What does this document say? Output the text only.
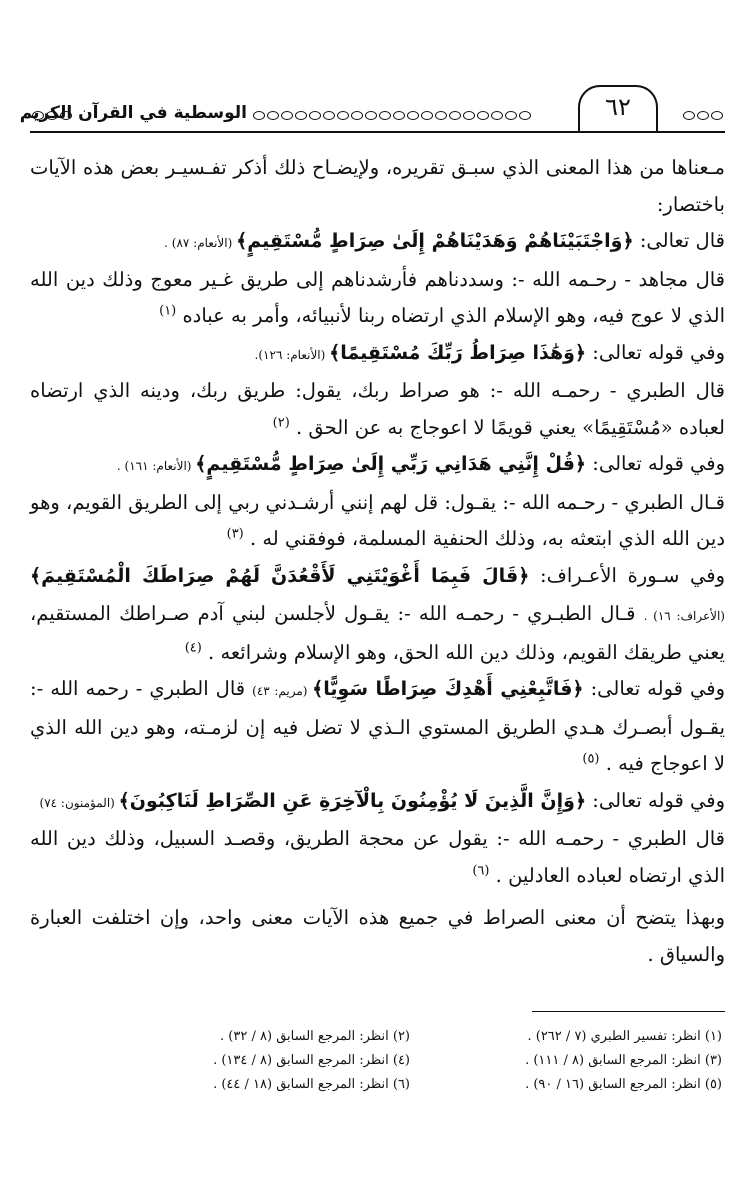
الوسطية في القرآن الكريم	٦٢

مـعناها من هذا المعنى الذي سبـق تقريره، ولإيضـاح ذلك أذكر تفـسيـر بعض هذه الآيات باختصار:

قال تعالى: ﴿وَاجْتَبَيْنَاهُمْ وَهَدَيْنَاهُمْ إِلَىٰ صِرَاطٍ مُّسْتَقِيمٍ﴾ (الأنعام: ٨٧) .

قال مجاهد - رحـمه الله -: وسددناهم فأرشدناهم إلى طريق غـير معوج وذلك دين الله الذي لا عوج فيه، وهو الإسلام الذي ارتضاه ربنا لأنبيائه، وأمر به عباده $^{(١)}$

وفي قوله تعالى: ﴿وَهَٰذَا صِرَاطُ رَبِّكَ مُسْتَقِيمًا﴾ (الأنعام: ١٢٦).

قال الطبري - رحمـه الله -: هو صراط ربك، يقول: طريق ربك، ودينه الذي ارتضاه لعباده «مُسْتَقِيمًا» يعني قويمًا لا اعوجاج به عن الحق . $^{(٢)}$

وفي قوله تعالى: ﴿قُلْ إِنَّنِي هَدَانِي رَبِّي إِلَىٰ صِرَاطٍ مُّسْتَقِيمٍ﴾ (الأنعام: ١٦١) .

قـال الطبري - رحـمه الله -: يقـول: قل لهم إنني أرشـدني ربي إلى الطريق القويم، وهو دين الله الذي ابتعثه به، وذلك الحنفية المسلمة، فوفقني له . $^{(٣)}$

وفي سـورة الأعـراف: ﴿قَالَ فَبِمَا أَغْوَيْتَنِي لَأَقْعُدَنَّ لَهُمْ صِرَاطَكَ الْمُسْتَقِيمَ﴾ (الأعراف: ١٦) . قـال الطبـري - رحمـه الله -: يقـول لأجلسن لبني آدم صـراطك المستقيم، يعني طريقك القويم، وذلك دين الله الحق، وهو الإسلام وشرائعه . $^{(٤)}$

وفي قوله تعالى: ﴿فَاتَّبِعْنِي أَهْدِكَ صِرَاطًا سَوِيًّا﴾ (مريم: ٤٣) قال الطبري - رحمه الله -: يقـول أبصـرك هـدي الطريق المستوي الـذي لا تضل فيه إن لزمـته، وهو دين الله الذي لا اعوجاج فيه . $^{(٥)}$

وفي قوله تعالى: ﴿وَإِنَّ الَّذِينَ لَا يُؤْمِنُونَ بِالْآخِرَةِ عَنِ الصِّرَاطِ لَنَاكِبُونَ﴾ (المؤمنون: ٧٤)

قال الطبري - رحمـه الله -: يقول عن محجة الطريق، وقصـد السبيل، وذلك دين الله الذي ارتضاه لعباده العادلين . $^{(٦)}$

وبهذا يتضح أن معنى الصراط في جميع هذه الآيات معنى واحد، وإن اختلفت العبارة والسياق .

(١) انظر: تفسير الطبري (٧ / ٢٦٢) .
(٢) انظر: المرجع السابق (٨ / ٣٢) .
(٣) انظر: المرجع السابق (٨ / ١١١) .
(٤) انظر: المرجع السابق (٨ / ١٣٤) .
(٥) انظر: المرجع السابق (١٦ / ٩٠) .
(٦) انظر: المرجع السابق (١٨ / ٤٤) .
